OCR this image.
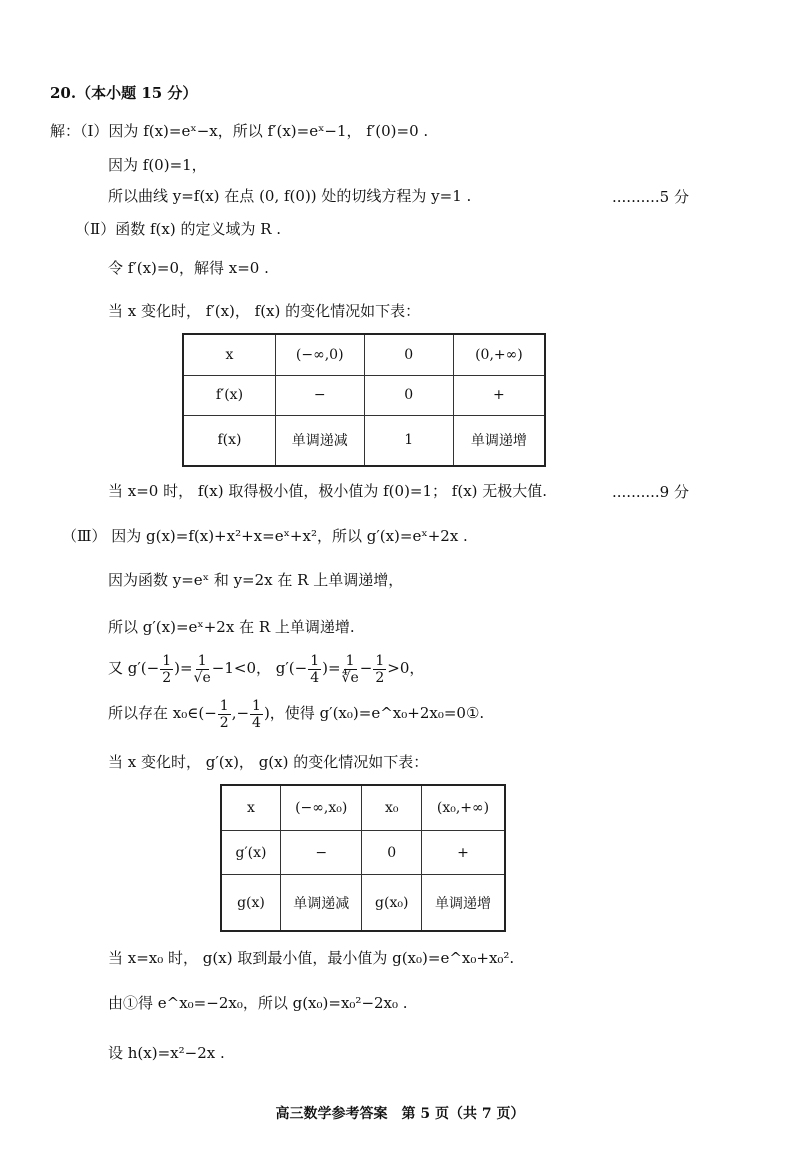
20.（本小题 15 分）
解：（Ⅰ）因为 f(x)=eˣ−x，所以 f′(x)=eˣ−1， f′(0)=0 .
因为 f(0)=1，
所以曲线 y=f(x) 在点 (0, f(0)) 处的切线方程为 y=1 .	..........5 分
（Ⅱ）函数 f(x) 的定义域为 R .
令 f′(x)=0，解得 x=0 .
当 x 变化时， f′(x)， f(x) 的变化情况如下表：
x	(−∞,0)	0	(0,+∞)
f′(x)	−	0	+
f(x)	单调递减	1	单调递增
当 x=0 时， f(x) 取得极小值，极小值为 f(0)=1； f(x) 无极大值.	..........9 分
（Ⅲ） 因为 g(x)=f(x)+x²+x=eˣ+x²，所以 g′(x)=eˣ+2x .
因为函数 y=eˣ 和 y=2x 在 R 上单调递增，
所以 g′(x)=eˣ+2x 在 R 上单调递增.
又 $g'(- \frac{1}{2}$ )= $\frac{1}{√e} -1<0$， $g'(- \frac{1}{4}$ )= $\frac{1}{∜e} - \frac{1}{2} >0$，
所以存在 x₀∈(− $\frac{1}{2}$ ,− $\frac{1}{4}$ )，使得 g′(x₀)=e^x₀+2x₀=0①.
当 x 变化时， g′(x)， g(x) 的变化情况如下表：
x	(−∞,x₀)	x₀	(x₀,+∞)
g′(x)	−	0	+
g(x)	单调递减	g(x₀)	单调递增
当 x=x₀ 时， g(x) 取到最小值，最小值为 g(x₀)=e^x₀+x₀².
由①得 e^x₀=−2x₀，所以 g(x₀)=x₀²−2x₀ .
设 h(x)=x²−2x .
高三数学参考答案　第 5 页（共 7 页）
